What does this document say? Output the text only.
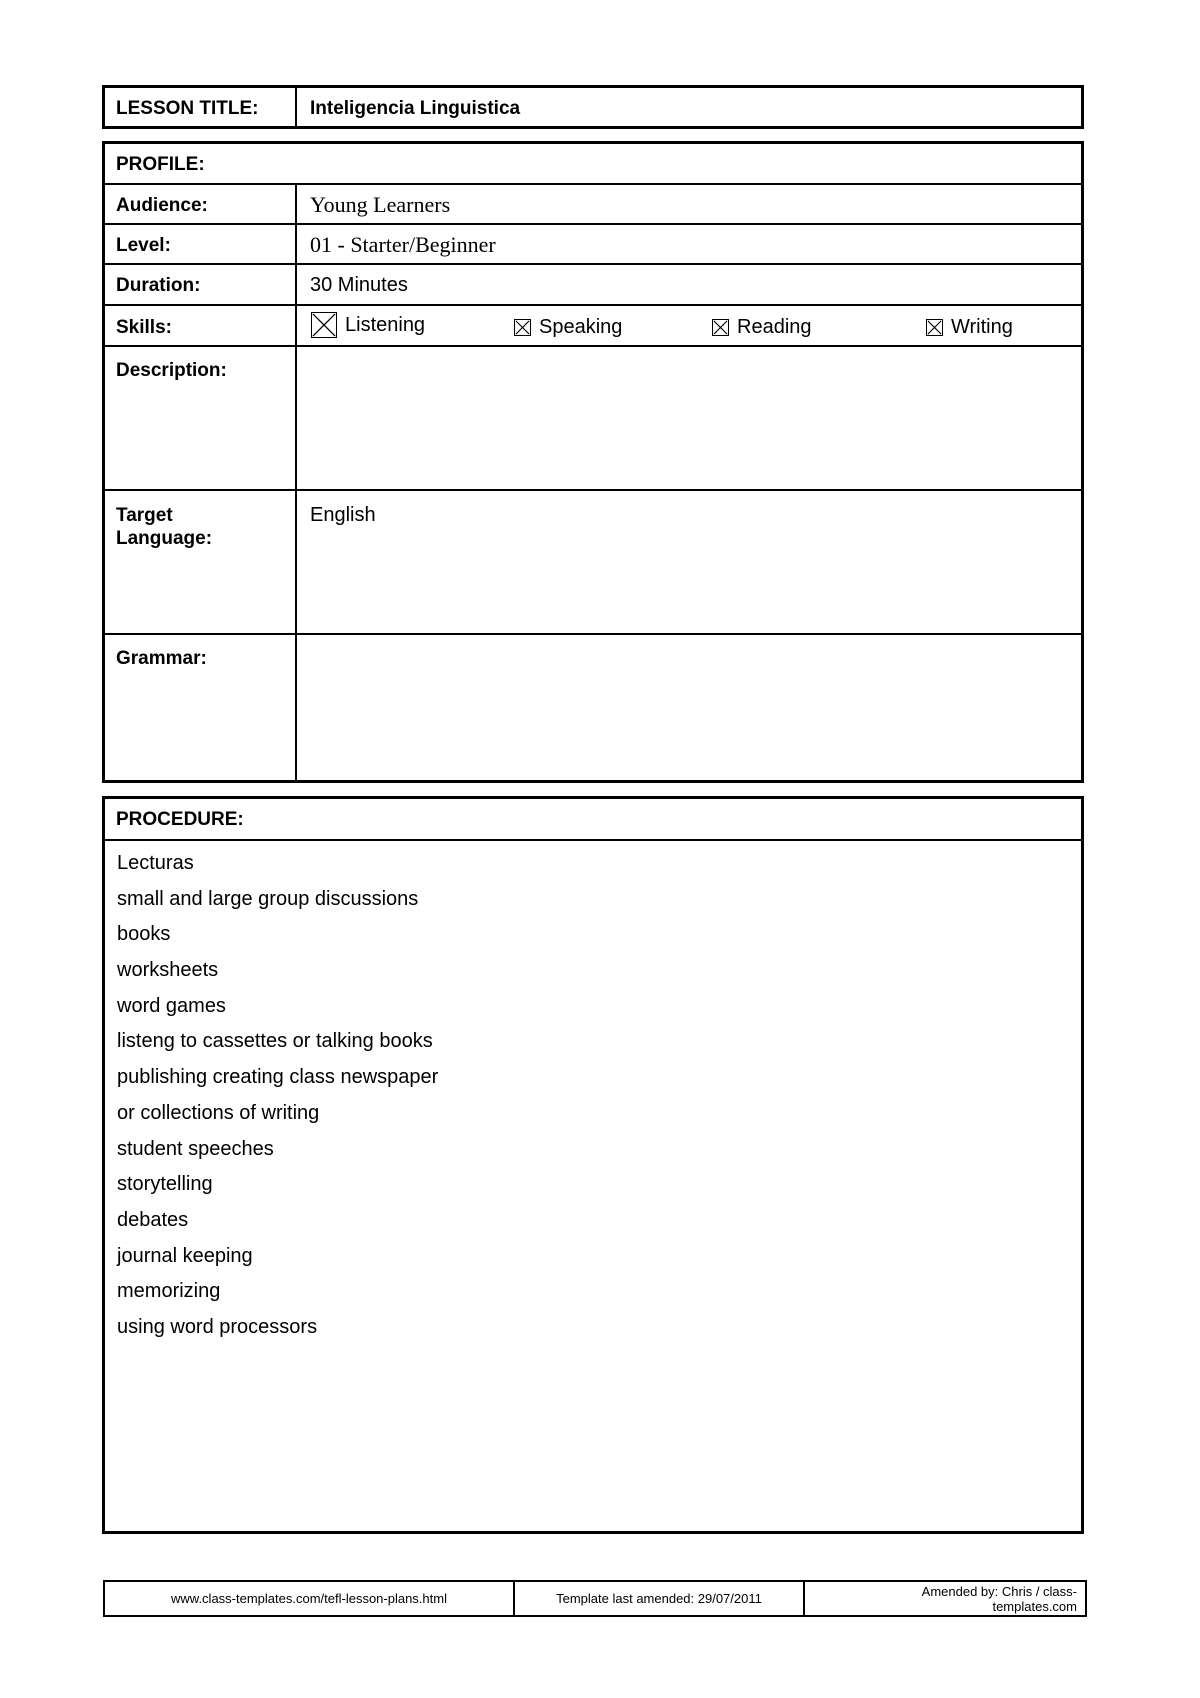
LESSON TITLE:	Inteligencia Linguistica
PROFILE:
Audience:	Young Learners
Level:	01 - Starter/Beginner
Duration:	30 Minutes
Skills:	Listening	Speaking	Reading	Writing
Description:
Target
Language:
English
Grammar:
PROCEDURE:
Lecturas
small and large group discussions
books
worksheets
word games
listeng to cassettes or talking books
publishing creating class newspaper
or collections of writing
student speeches
storytelling
debates
journal keeping
memorizing
using word processors
www.class-templates.com/tefl-lesson-plans.html	Template last amended: 29/07/2011	Amended by: Chris / class-
templates.com
